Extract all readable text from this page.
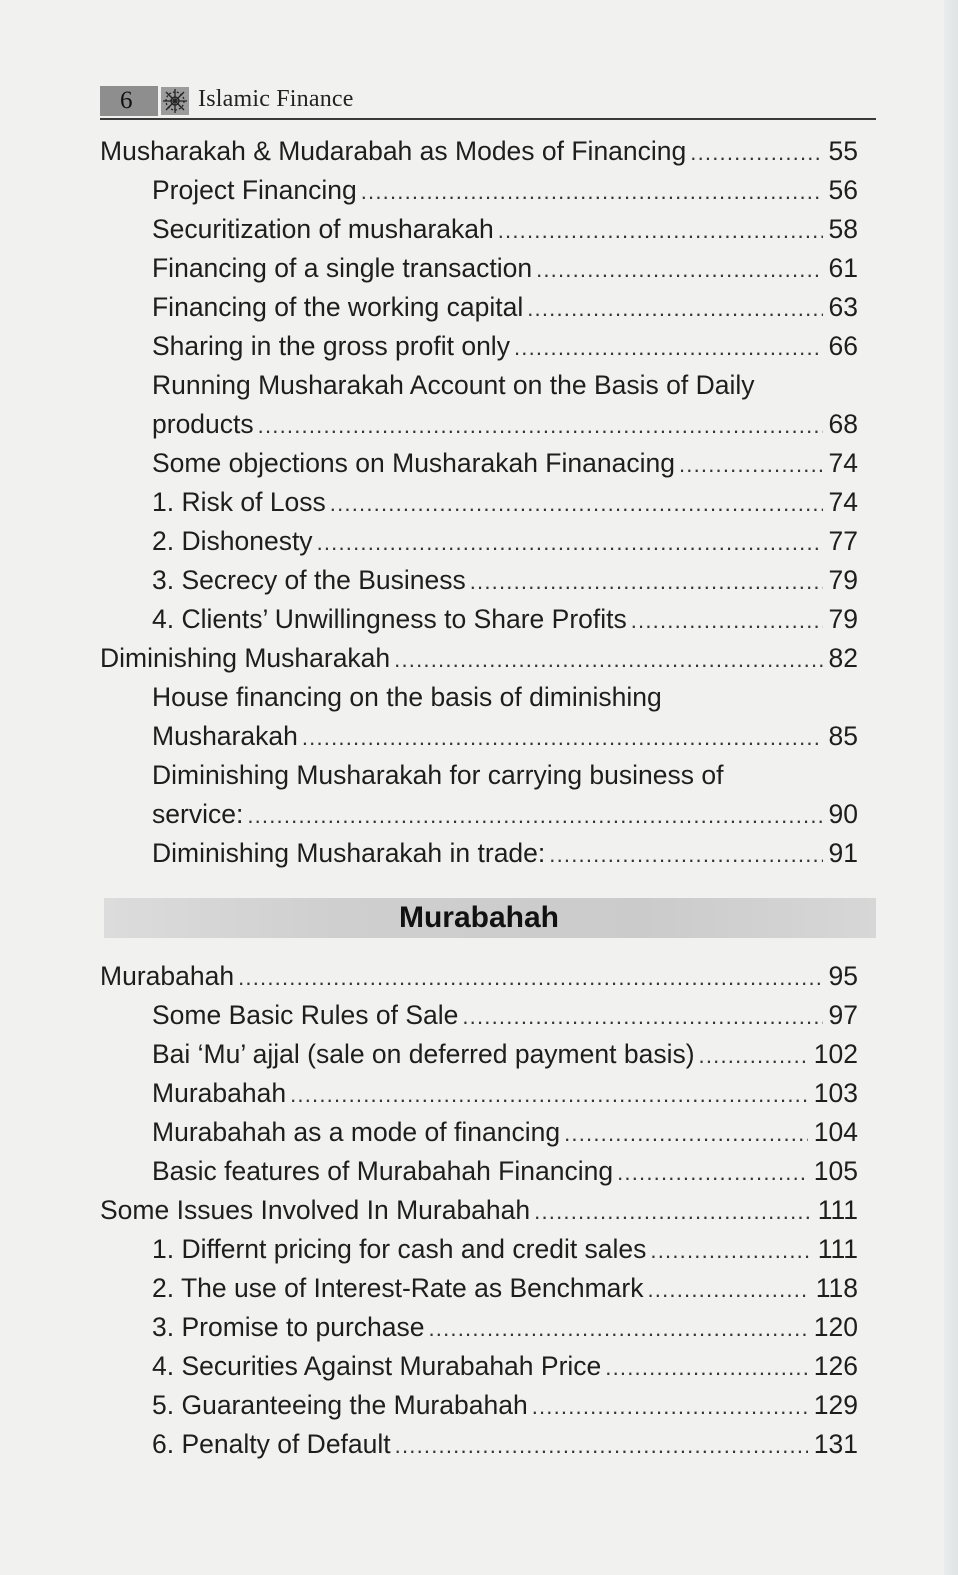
6	Islamic Finance
Murabahah
Musharakah & Mudarabah as Modes of Financing .....	55
Project Financing .....	56
Securitization of musharakah .....	58
Financing of a single transaction .....	61
Financing of the working capital .....	63
Sharing in the gross profit only .....	66
Running Musharakah Account on the Basis of Daily
products .....	68
Some objections on Musharakah Finanacing .....	74
1. Risk of Loss .....	74
2. Dishonesty .....	77
3. Secrecy of the Business .....	79
4. Clients’ Unwillingness to Share Profits .....	79
Diminishing Musharakah .....	82
House financing on the basis of diminishing
Musharakah .....	85
Diminishing Musharakah for carrying business of
service: .....	90
Diminishing Musharakah in trade: .....	91
Murabahah .....	95
Some Basic Rules of Sale .....	97
Bai ‘Mu’ ajjal (sale on deferred payment basis) .....	102
Murabahah .....	103
Murabahah as a mode of financing .....	104
Basic features of Murabahah Financing .....	105
Some Issues Involved In Murabahah .....	111
1. Differnt pricing for cash and credit sales .....	111
2. The use of Interest-Rate as Benchmark .....	118
3. Promise to purchase .....	120
4. Securities Against Murabahah Price .....	126
5. Guaranteeing the Murabahah .....	129
6. Penalty of Default .....	131
